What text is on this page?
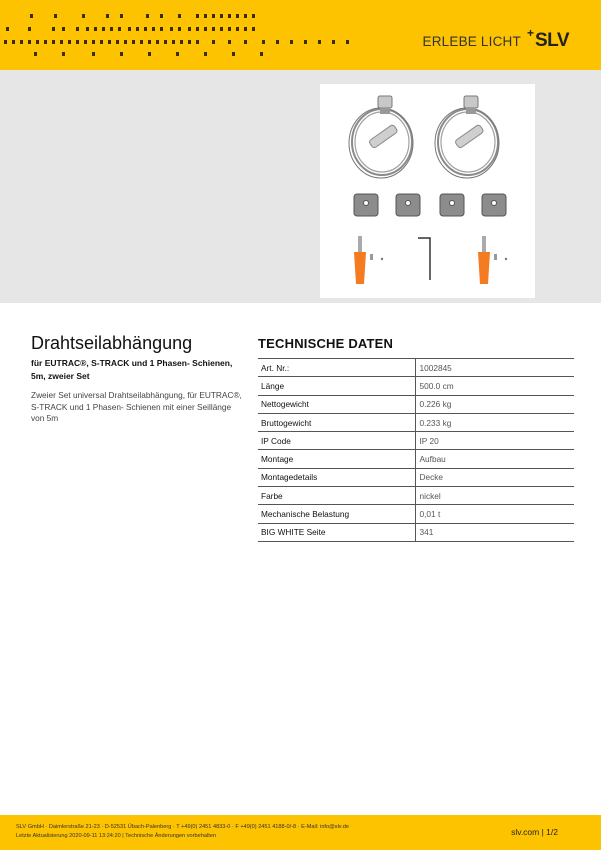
ERLEBE LICHT
+ SLV
Drahtseilabhängung

für EUTRAC®, S-TRACK und 1 Phasen- Schienen, 5m, zweier Set

Zweier Set universal Drahtseilabhängung, für EUTRAC®, S-TRACK und 1 Phasen- Schienen mit einer Seillänge von 5m

TECHNISCHE DATEN
Art. Nr.:	1002845
Länge	500.0 cm
Nettogewicht	0.226 kg
Bruttogewicht	0.233 kg
IP Code	IP 20
Montage	Aufbau
Montagedetails	Decke
Farbe	nickel
Mechanische Belastung	0,01 t
BIG WHITE Seite	341
SLV GmbH · Daimlerstraße 21-23 · D-52531 Übach-Palenberg · T +49(0) 2451 4833-0 · F +49(0) 2451 4188-0/-8 · E-Mail: info@slv.de
Letzte Aktualisierung 2020-09-11 13:24:20 | Technische Änderungen vorbehalten	slv.com | 1/2
